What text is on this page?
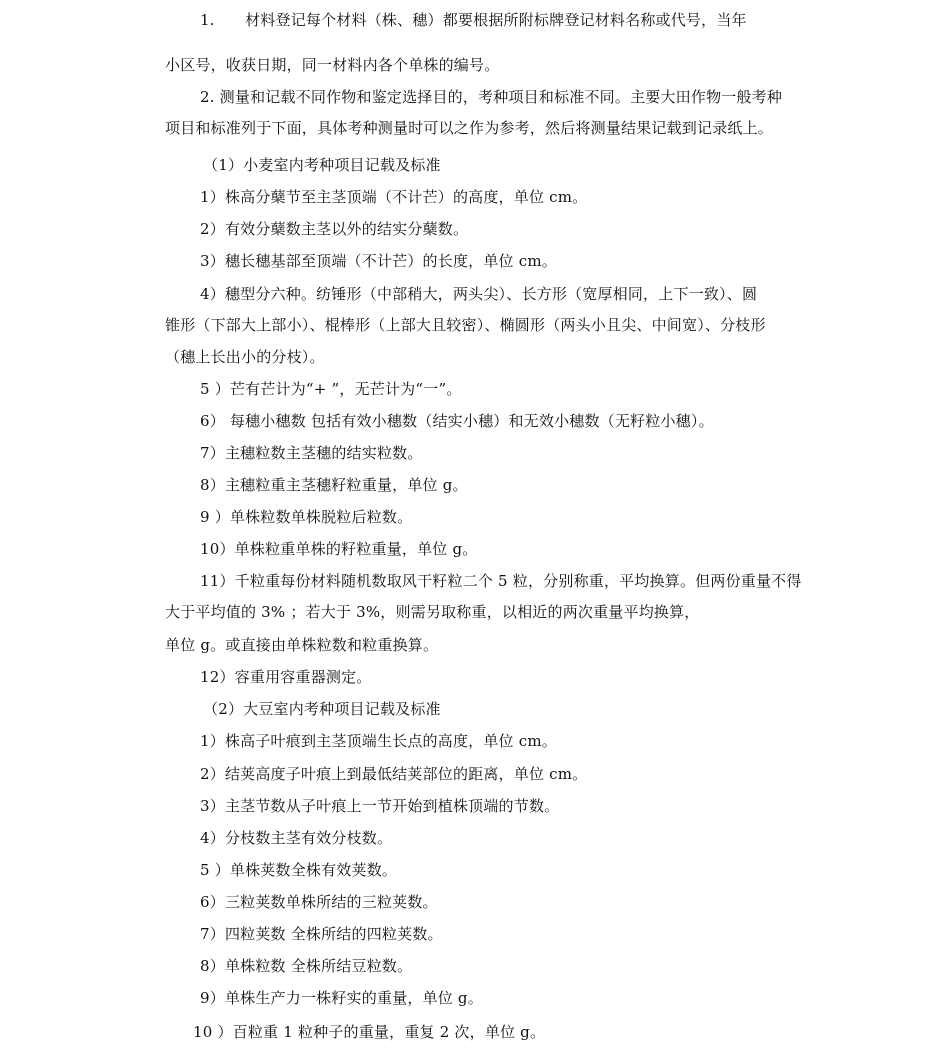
1.　　材料登记每个材料（株、穗）都要根据所附标牌登记材料名称或代号，当年
小区号，收获日期，同一材料内各个单株的编号。
2. 测量和记载不同作物和鉴定选择目的，考种项目和标准不同。主要大田作物一般考种
项目和标准列于下面，具体考种测量时可以之作为参考，然后将测量结果记载到记录纸上。
（1）小麦室内考种项目记载及标准
1）株高分蘖节至主茎顶端（不计芒）的高度，单位 cm。
2）有效分蘖数主茎以外的结实分蘖数。
3）穗长穗基部至顶端（不计芒）的长度，单位 cm。
4）穗型分六种。纺锤形（中部稍大，两头尖）、长方形（宽厚相同，上下一致）、圆
锥形（下部大上部小）、棍棒形（上部大且较密）、椭圆形（两头小且尖、中间宽）、分枝形
（穗上长出小的分枝）。
5 ）芒有芒计为“+ ”，无芒计为“一”。
6） 每穗小穗数 包括有效小穗数（结实小穗）和无效小穗数（无籽粒小穗）。
7）主穗粒数主茎穗的结实粒数。
8）主穗粒重主茎穗籽粒重量，单位 g。
9 ）单株粒数单株脱粒后粒数。
10）单株粒重单株的籽粒重量，单位 g。
11）千粒重每份材料随机数取风干籽粒二个 5 粒，分别称重，平均换算。但两份重量不得
大于平均值的 3% ；若大于 3%，则需另取称重，以相近的两次重量平均换算，
单位 g。或直接由单株粒数和粒重换算。
12）容重用容重器测定。
（2）大豆室内考种项目记载及标准
1）株高子叶痕到主茎顶端生长点的高度，单位 cm。
2）结荚高度子叶痕上到最低结荚部位的距离，单位 cm。
3）主茎节数从子叶痕上一节开始到植株顶端的节数。
4）分枝数主茎有效分枝数。
5 ）单株荚数全株有效荚数。
6）三粒荚数单株所结的三粒荚数。
7）四粒荚数 全株所结的四粒荚数。
8）单株粒数 全株所结豆粒数。
9）单株生产力一株籽实的重量，单位 g。
10 ）百粒重 1 粒种子的重量，重复 2 次，单位 g。
